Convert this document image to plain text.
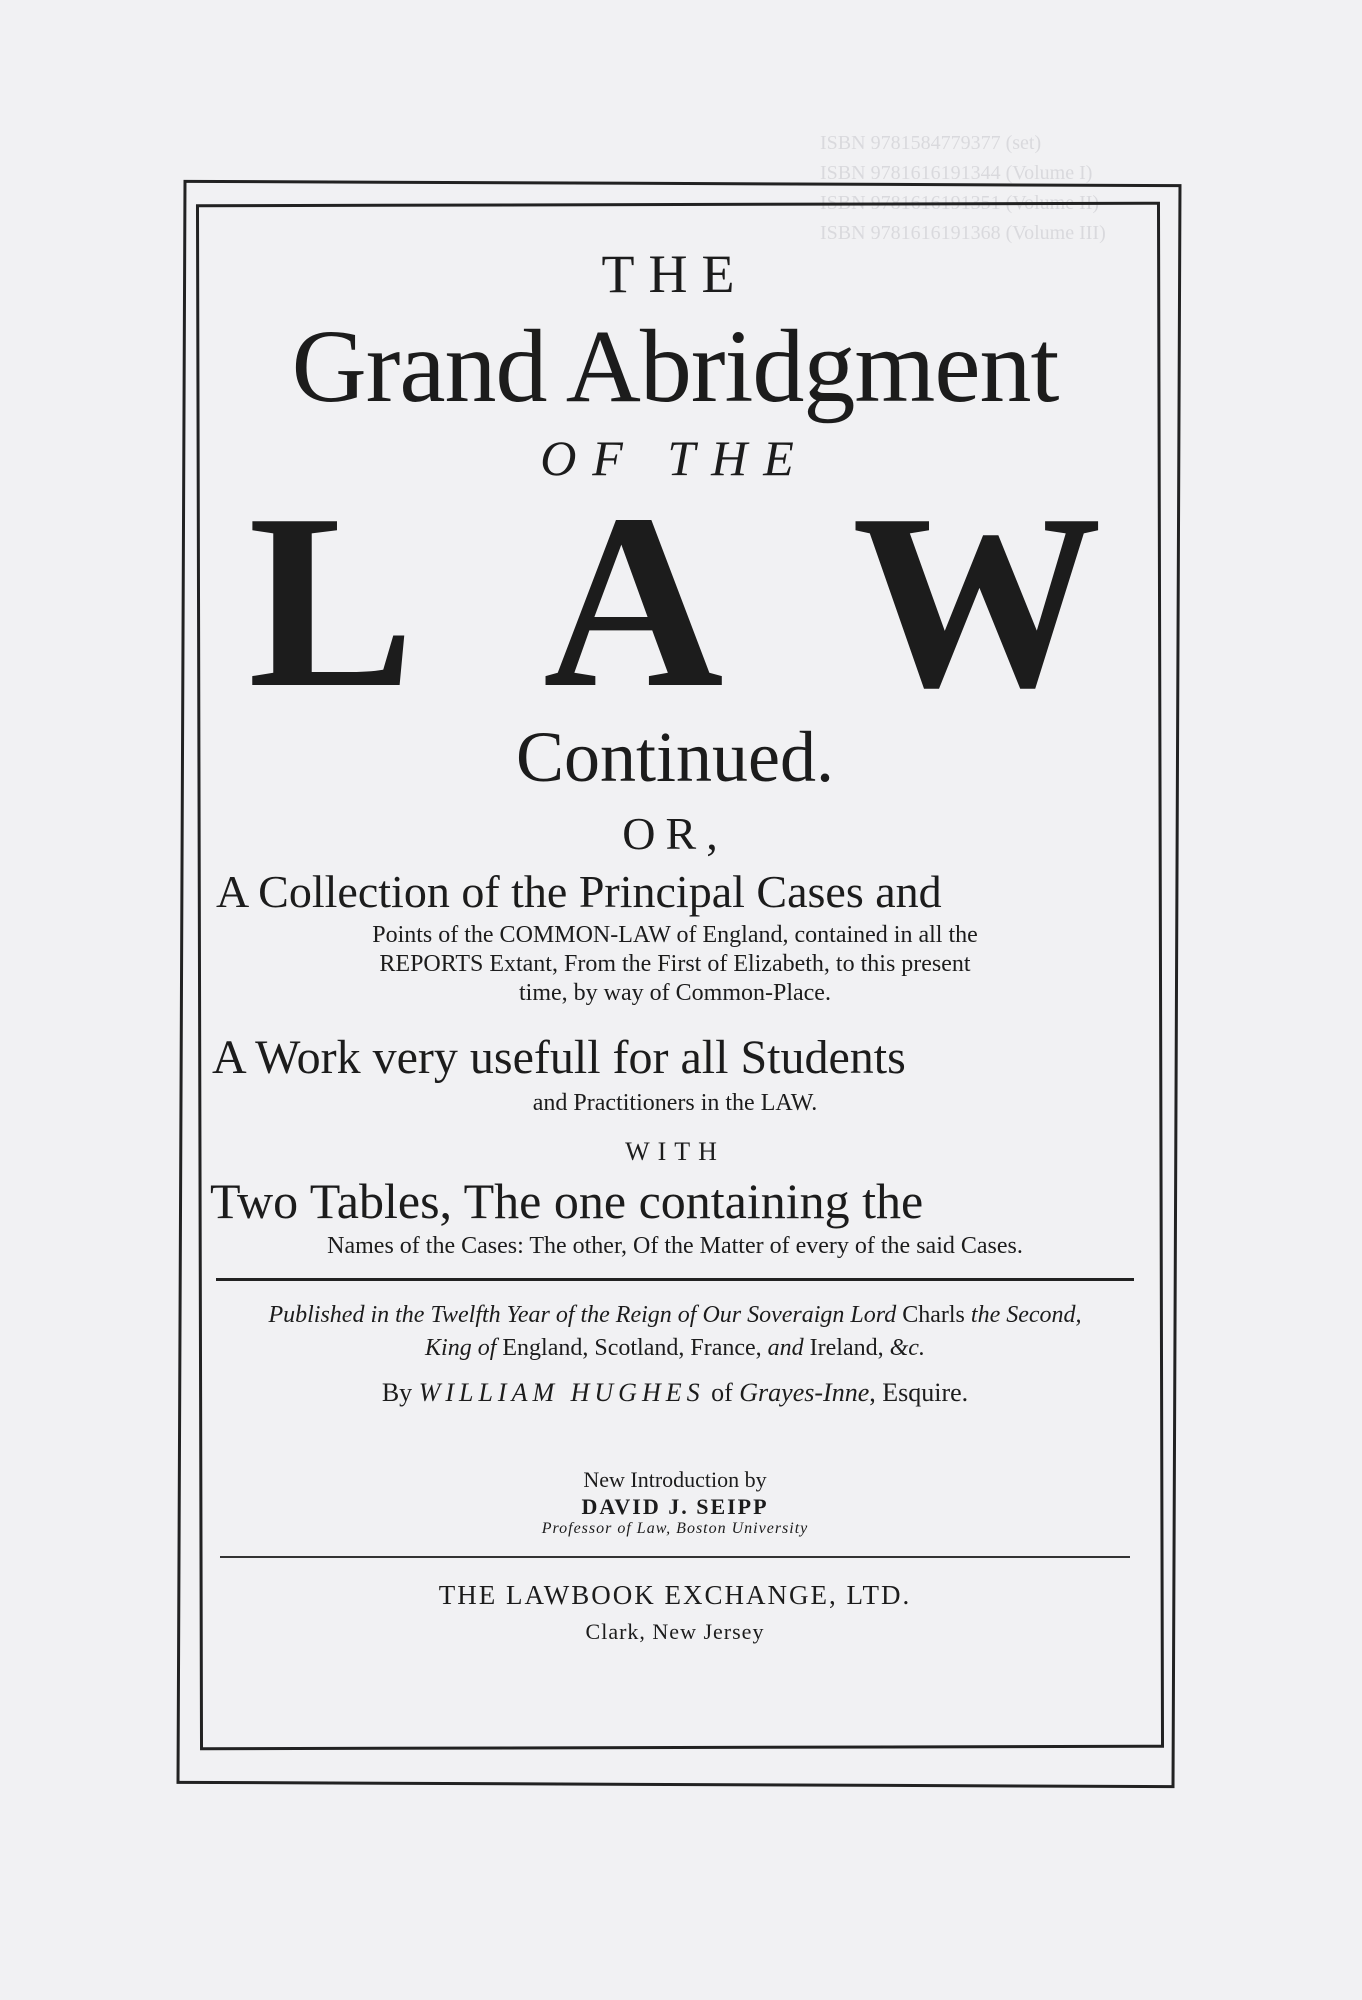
ISBN 9781584779377 (set)
ISBN 9781616191344 (Volume I)
ISBN 9781616191351 (Volume II)
ISBN 9781616191368 (Volume III)
THE
Grand Abridgment
OF THE
L A W
Continued.
OR,
A Collection of the Principal Cases and
Points of the COMMON-LAW of England, contained in all the
REPORTS Extant, From the First of Elizabeth, to this present
time, by way of Common-Place.
A Work very usefull for all Students
and Practitioners in the LAW.
WITH
Two Tables, The one containing the
Names of the Cases: The other, Of the Matter of every of the said Cases.
Published in the Twelfth Year of the Reign of Our Soveraign Lord Charls the Second,
King of England, Scotland, France, and Ireland, &c.
By WILLIAM HUGHES of Grayes-Inne, Esquire.
New Introduction by
DAVID J. SEIPP
Professor of Law, Boston University
THE LAWBOOK EXCHANGE, LTD.
Clark, New Jersey
